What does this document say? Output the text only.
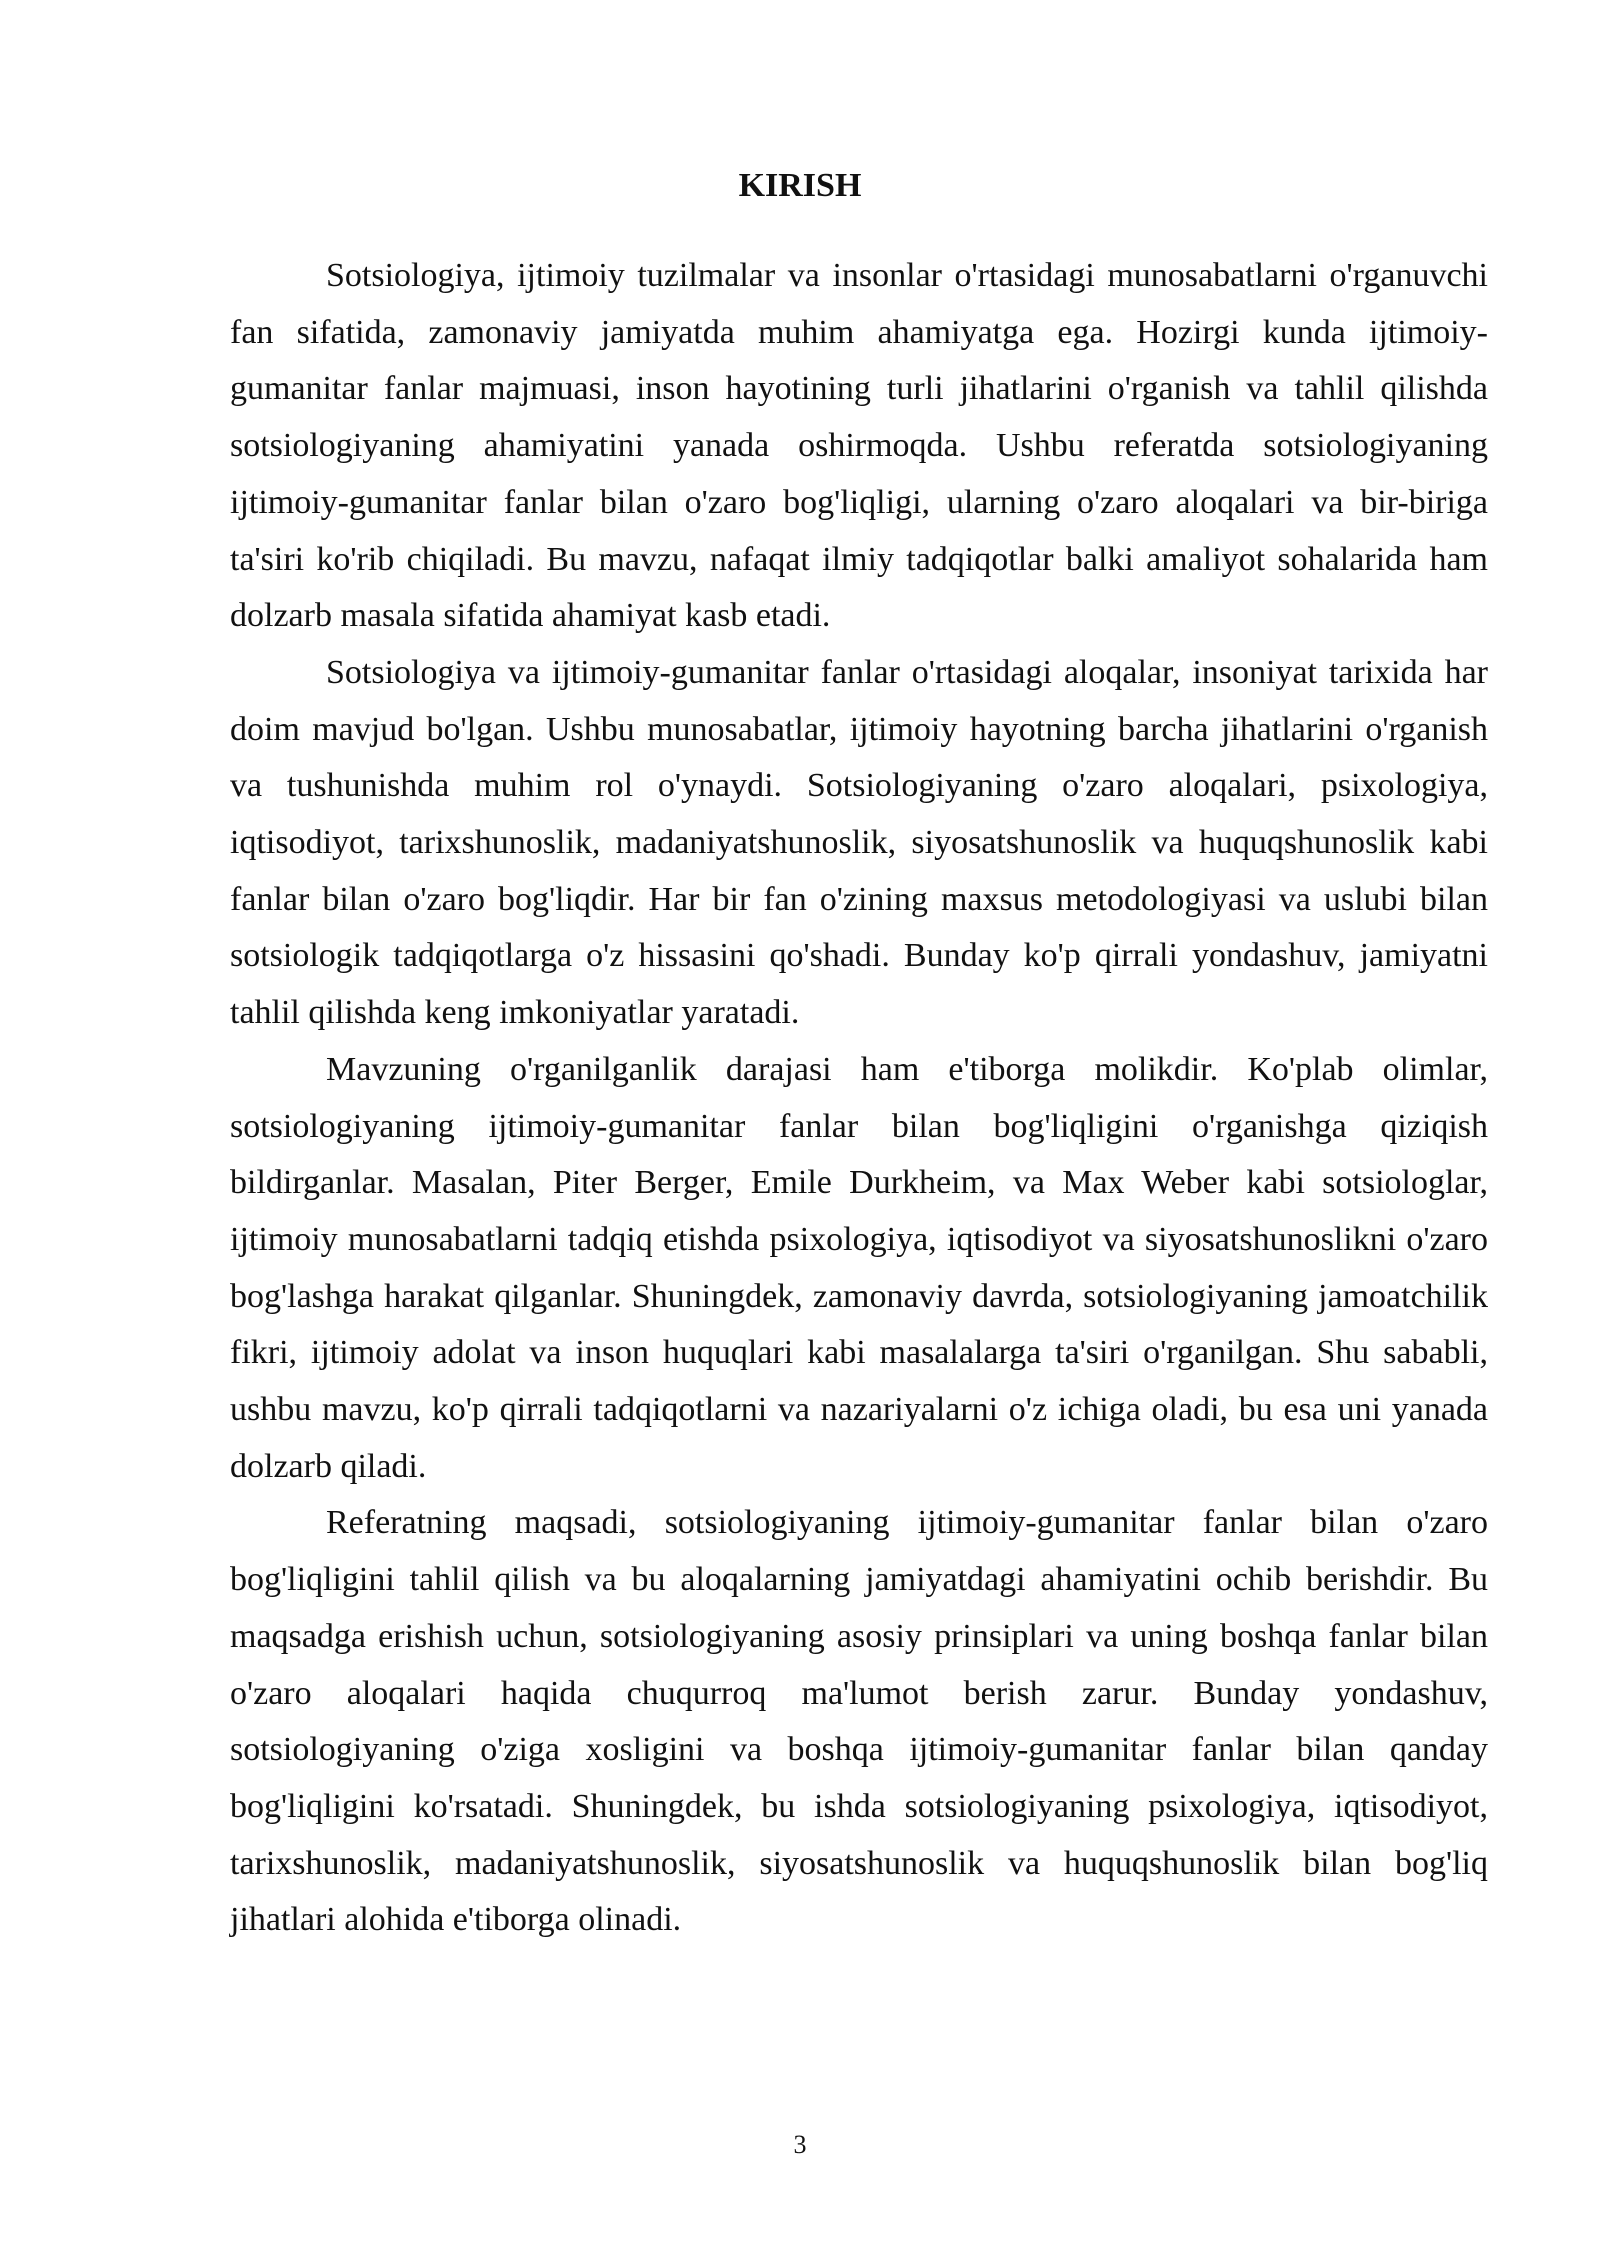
KIRISH

Sotsiologiya, ijtimoiy tuzilmalar va insonlar o'rtasidagi munosabatlarni o'rganuvchi fan sifatida, zamonaviy jamiyatda muhim ahamiyatga ega. Hozirgi kunda ijtimoiy-gumanitar fanlar majmuasi, inson hayotining turli jihatlarini o'rganish va tahlil qilishda sotsiologiyaning ahamiyatini yanada oshirmoqda. Ushbu referatda sotsiologiyaning ijtimoiy-gumanitar fanlar bilan o'zaro bog'liqligi, ularning o'zaro aloqalari va bir-biriga ta'siri ko'rib chiqiladi. Bu mavzu, nafaqat ilmiy tadqiqotlar balki amaliyot sohalarida ham dolzarb masala sifatida ahamiyat kasb etadi.

Sotsiologiya va ijtimoiy-gumanitar fanlar o'rtasidagi aloqalar, insoniyat tarixida har doim mavjud bo'lgan. Ushbu munosabatlar, ijtimoiy hayotning barcha jihatlarini o'rganish va tushunishda muhim rol o'ynaydi. Sotsiologiyaning o'zaro aloqalari, psixologiya, iqtisodiyot, tarixshunoslik, madaniyatshunoslik, siyosatshunoslik va huquqshunoslik kabi fanlar bilan o'zaro bog'liqdir. Har bir fan o'zining maxsus metodologiyasi va uslubi bilan sotsiologik tadqiqotlarga o'z hissasini qo'shadi. Bunday ko'p qirrali yondashuv, jamiyatni tahlil qilishda keng imkoniyatlar yaratadi.

Mavzuning o'rganilganlik darajasi ham e'tiborga molikdir. Ko'plab olimlar, sotsiologiyaning ijtimoiy-gumanitar fanlar bilan bog'liqligini o'rganishga qiziqish bildirganlar. Masalan, Piter Berger, Emile Durkheim, va Max Weber kabi sotsiologlar, ijtimoiy munosabatlarni tadqiq etishda psixologiya, iqtisodiyot va siyosatshunoslikni o'zaro bog'lashga harakat qilganlar. Shuningdek, zamonaviy davrda, sotsiologiyaning jamoatchilik fikri, ijtimoiy adolat va inson huquqlari kabi masalalarga ta'siri o'rganilgan. Shu sababli, ushbu mavzu, ko'p qirrali tadqiqotlarni va nazariyalarni o'z ichiga oladi, bu esa uni yanada dolzarb qiladi.

Referatning maqsadi, sotsiologiyaning ijtimoiy-gumanitar fanlar bilan o'zaro bog'liqligini tahlil qilish va bu aloqalarning jamiyatdagi ahamiyatini ochib berishdir. Bu maqsadga erishish uchun, sotsiologiyaning asosiy prinsiplari va uning boshqa fanlar bilan o'zaro aloqalari haqida chuqurroq ma'lumot berish zarur. Bunday yondashuv, sotsiologiyaning o'ziga xosligini va boshqa ijtimoiy-gumanitar fanlar bilan qanday bog'liqligini ko'rsatadi. Shuningdek, bu ishda sotsiologiyaning psixologiya, iqtisodiyot, tarixshunoslik, madaniyatshunoslik, siyosatshunoslik va huquqshunoslik bilan bog'liq jihatlari alohida e'tiborga olinadi.

3
